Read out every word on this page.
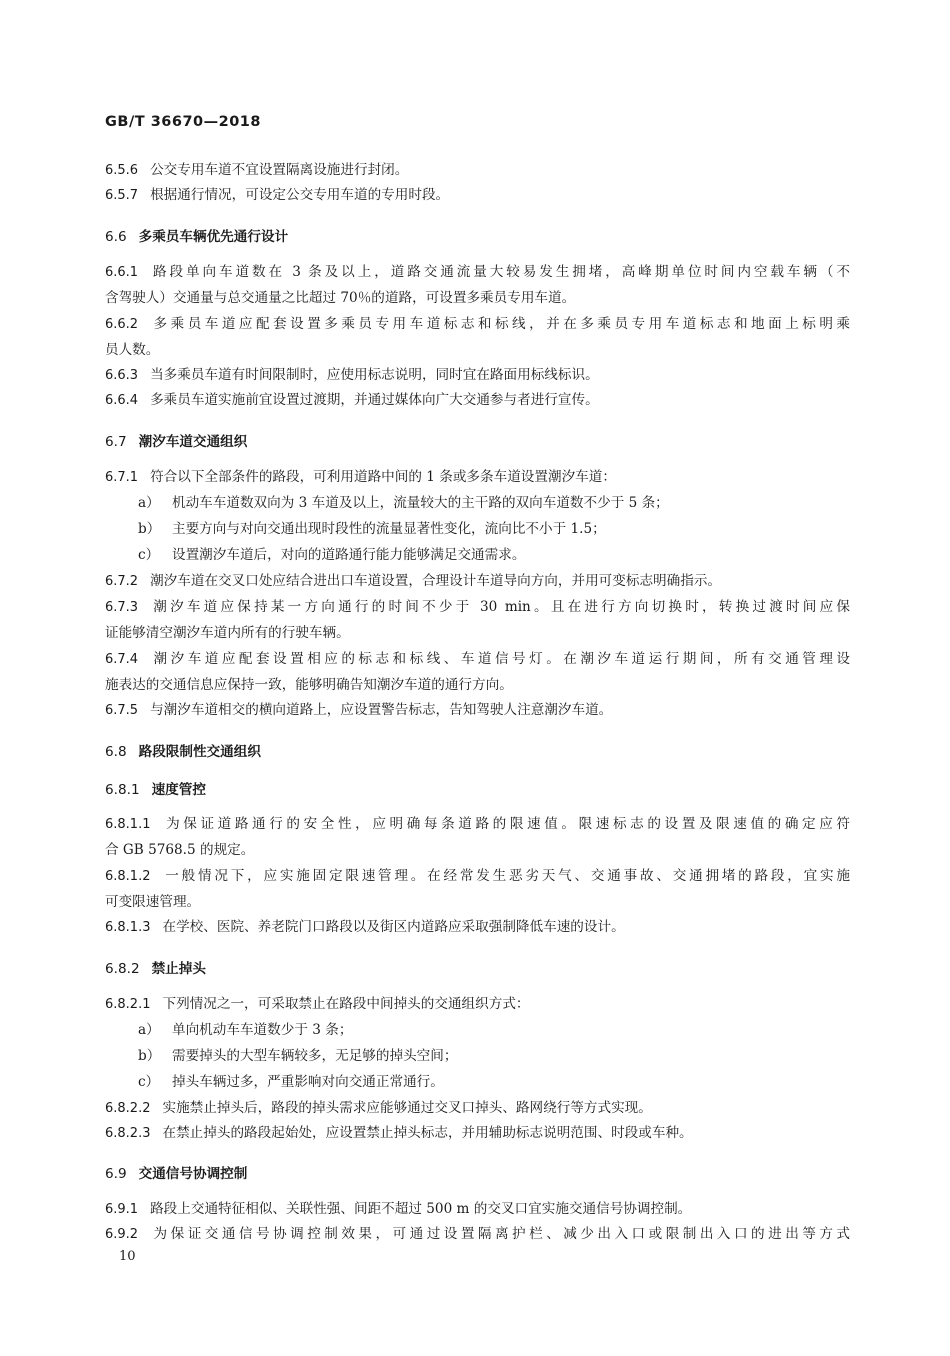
GB/T 36670—2018
6.5.6 公交专用车道不宜设置隔离设施进行封闭。
6.5.7 根据通行情况，可设定公交专用车道的专用时段。
6.6 多乘员车辆优先通行设计
6.6.1 路段单向车道数在 3 条及以上，道路交通流量大较易发生拥堵，高峰期单位时间内空载车辆（不
含驾驶人）交通量与总交通量之比超过 70％的道路，可设置多乘员专用车道。
6.6.2 多乘员车道应配套设置多乘员专用车道标志和标线，并在多乘员专用车道标志和地面上标明乘
员人数。
6.6.3 当多乘员车道有时间限制时，应使用标志说明，同时宜在路面用标线标识。
6.6.4 多乘员车道实施前宜设置过渡期，并通过媒体向广大交通参与者进行宣传。
6.7 潮汐车道交通组织
6.7.1 符合以下全部条件的路段，可利用道路中间的 1 条或多条车道设置潮汐车道：
a） 机动车车道数双向为 3 车道及以上，流量较大的主干路的双向车道数不少于 5 条；
b） 主要方向与对向交通出现时段性的流量显著性变化，流向比不小于 1.5；
c） 设置潮汐车道后，对向的道路通行能力能够满足交通需求。
6.7.2 潮汐车道在交叉口处应结合进出口车道设置，合理设计车道导向方向，并用可变标志明确指示。
6.7.3 潮汐车道应保持某一方向通行的时间不少于 30 min。且在进行方向切换时，转换过渡时间应保
证能够清空潮汐车道内所有的行驶车辆。
6.7.4 潮汐车道应配套设置相应的标志和标线、车道信号灯。在潮汐车道运行期间，所有交通管理设
施表达的交通信息应保持一致，能够明确告知潮汐车道的通行方向。
6.7.5 与潮汐车道相交的横向道路上，应设置警告标志，告知驾驶人注意潮汐车道。
6.8 路段限制性交通组织
6.8.1 速度管控
6.8.1.1 为保证道路通行的安全性，应明确每条道路的限速值。限速标志的设置及限速值的确定应符
合 GB 5768.5 的规定。
6.8.1.2 一般情况下，应实施固定限速管理。在经常发生恶劣天气、交通事故、交通拥堵的路段，宜实施
可变限速管理。
6.8.1.3 在学校、医院、养老院门口路段以及街区内道路应采取强制降低车速的设计。
6.8.2 禁止掉头
6.8.2.1 下列情况之一，可采取禁止在路段中间掉头的交通组织方式：
a） 单向机动车车道数少于 3 条；
b） 需要掉头的大型车辆较多，无足够的掉头空间；
c） 掉头车辆过多，严重影响对向交通正常通行。
6.8.2.2 实施禁止掉头后，路段的掉头需求应能够通过交叉口掉头、路网绕行等方式实现。
6.8.2.3 在禁止掉头的路段起始处，应设置禁止掉头标志，并用辅助标志说明范围、时段或车种。
6.9 交通信号协调控制
6.9.1 路段上交通特征相似、关联性强、间距不超过 500 m 的交叉口宜实施交通信号协调控制。
6.9.2 为保证交通信号协调控制效果，可通过设置隔离护栏、减少出入口或限制出入口的进出等方式
10
